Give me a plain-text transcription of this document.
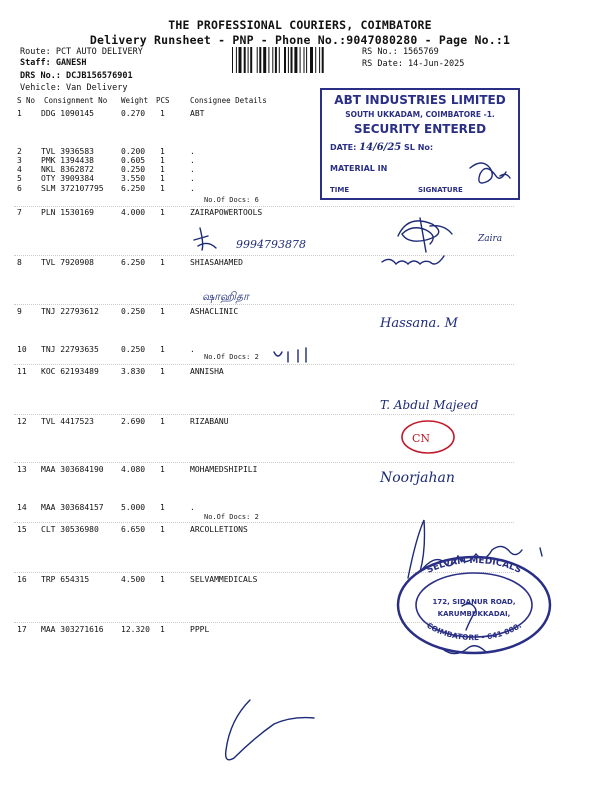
THE PROFESSIONAL COURIERS, COIMBATORE
Delivery Runsheet - PNP - Phone No.:9047080280 - Page No.:1
Route: PCT AUTO DELIVERY
Staff: GANESH
DRS No.: DCJB156576901
Vehicle: Van Delivery
RS No.: 1565769
RS Date: 14-Jun-2025
S No Consignment No Weight PCS	Consignee Details
1 DDG 1090145	0.270 1	ABT
2 TVL 3936583	0.200 1	.
3 PMK 1394438	0.605 1	.
4 NKL 8362872	0.250 1	.
5 OTY 3909384	3.550 1	.
6 SLM 372107795 6.250 1	.
7 PLN 1530169	4.000 1	ZAIRAPOWERTOOLS
8 TVL 7920908	6.250 1	SHIASAHAMED
9 TNJ 22793612	0.250 1	ASHACLINIC
10 TNJ 22793635	0.250 1	.
11 KOC 62193489	3.830 1	ANNISHA
12 TVL 4417523	2.690 1	RIZABANU
13 MAA 303684190 4.080 1	MOHAMEDSHIPILI
14 MAA 303684157 5.000 1	.
15 CLT 30536980	6.650 1	ARCOLLETIONS
16 TRP 654315	4.500 1	SELVAMMEDICALS
17 MAA 303271616 12.320 1	PPPL
No.Of Docs: 6
No.Of Docs: 2
No.Of Docs: 2
ABT INDUSTRIES LIMITED
SOUTH UKKADAM, COIMBATORE -1.
SECURITY ENTERED
DATE: 14/6/25 SL No:
MATERIAL IN
TIME	SIGNATURE
9994793878
ஷாஹிதா
Zaira
Hassana. M
T. Abdul Majeed
Noorjahan
CN
SELVAM MEDICALS
COIMBATORE - 641 008.
172, SIDANUR ROAD,
KARUMBUKKADAI,
